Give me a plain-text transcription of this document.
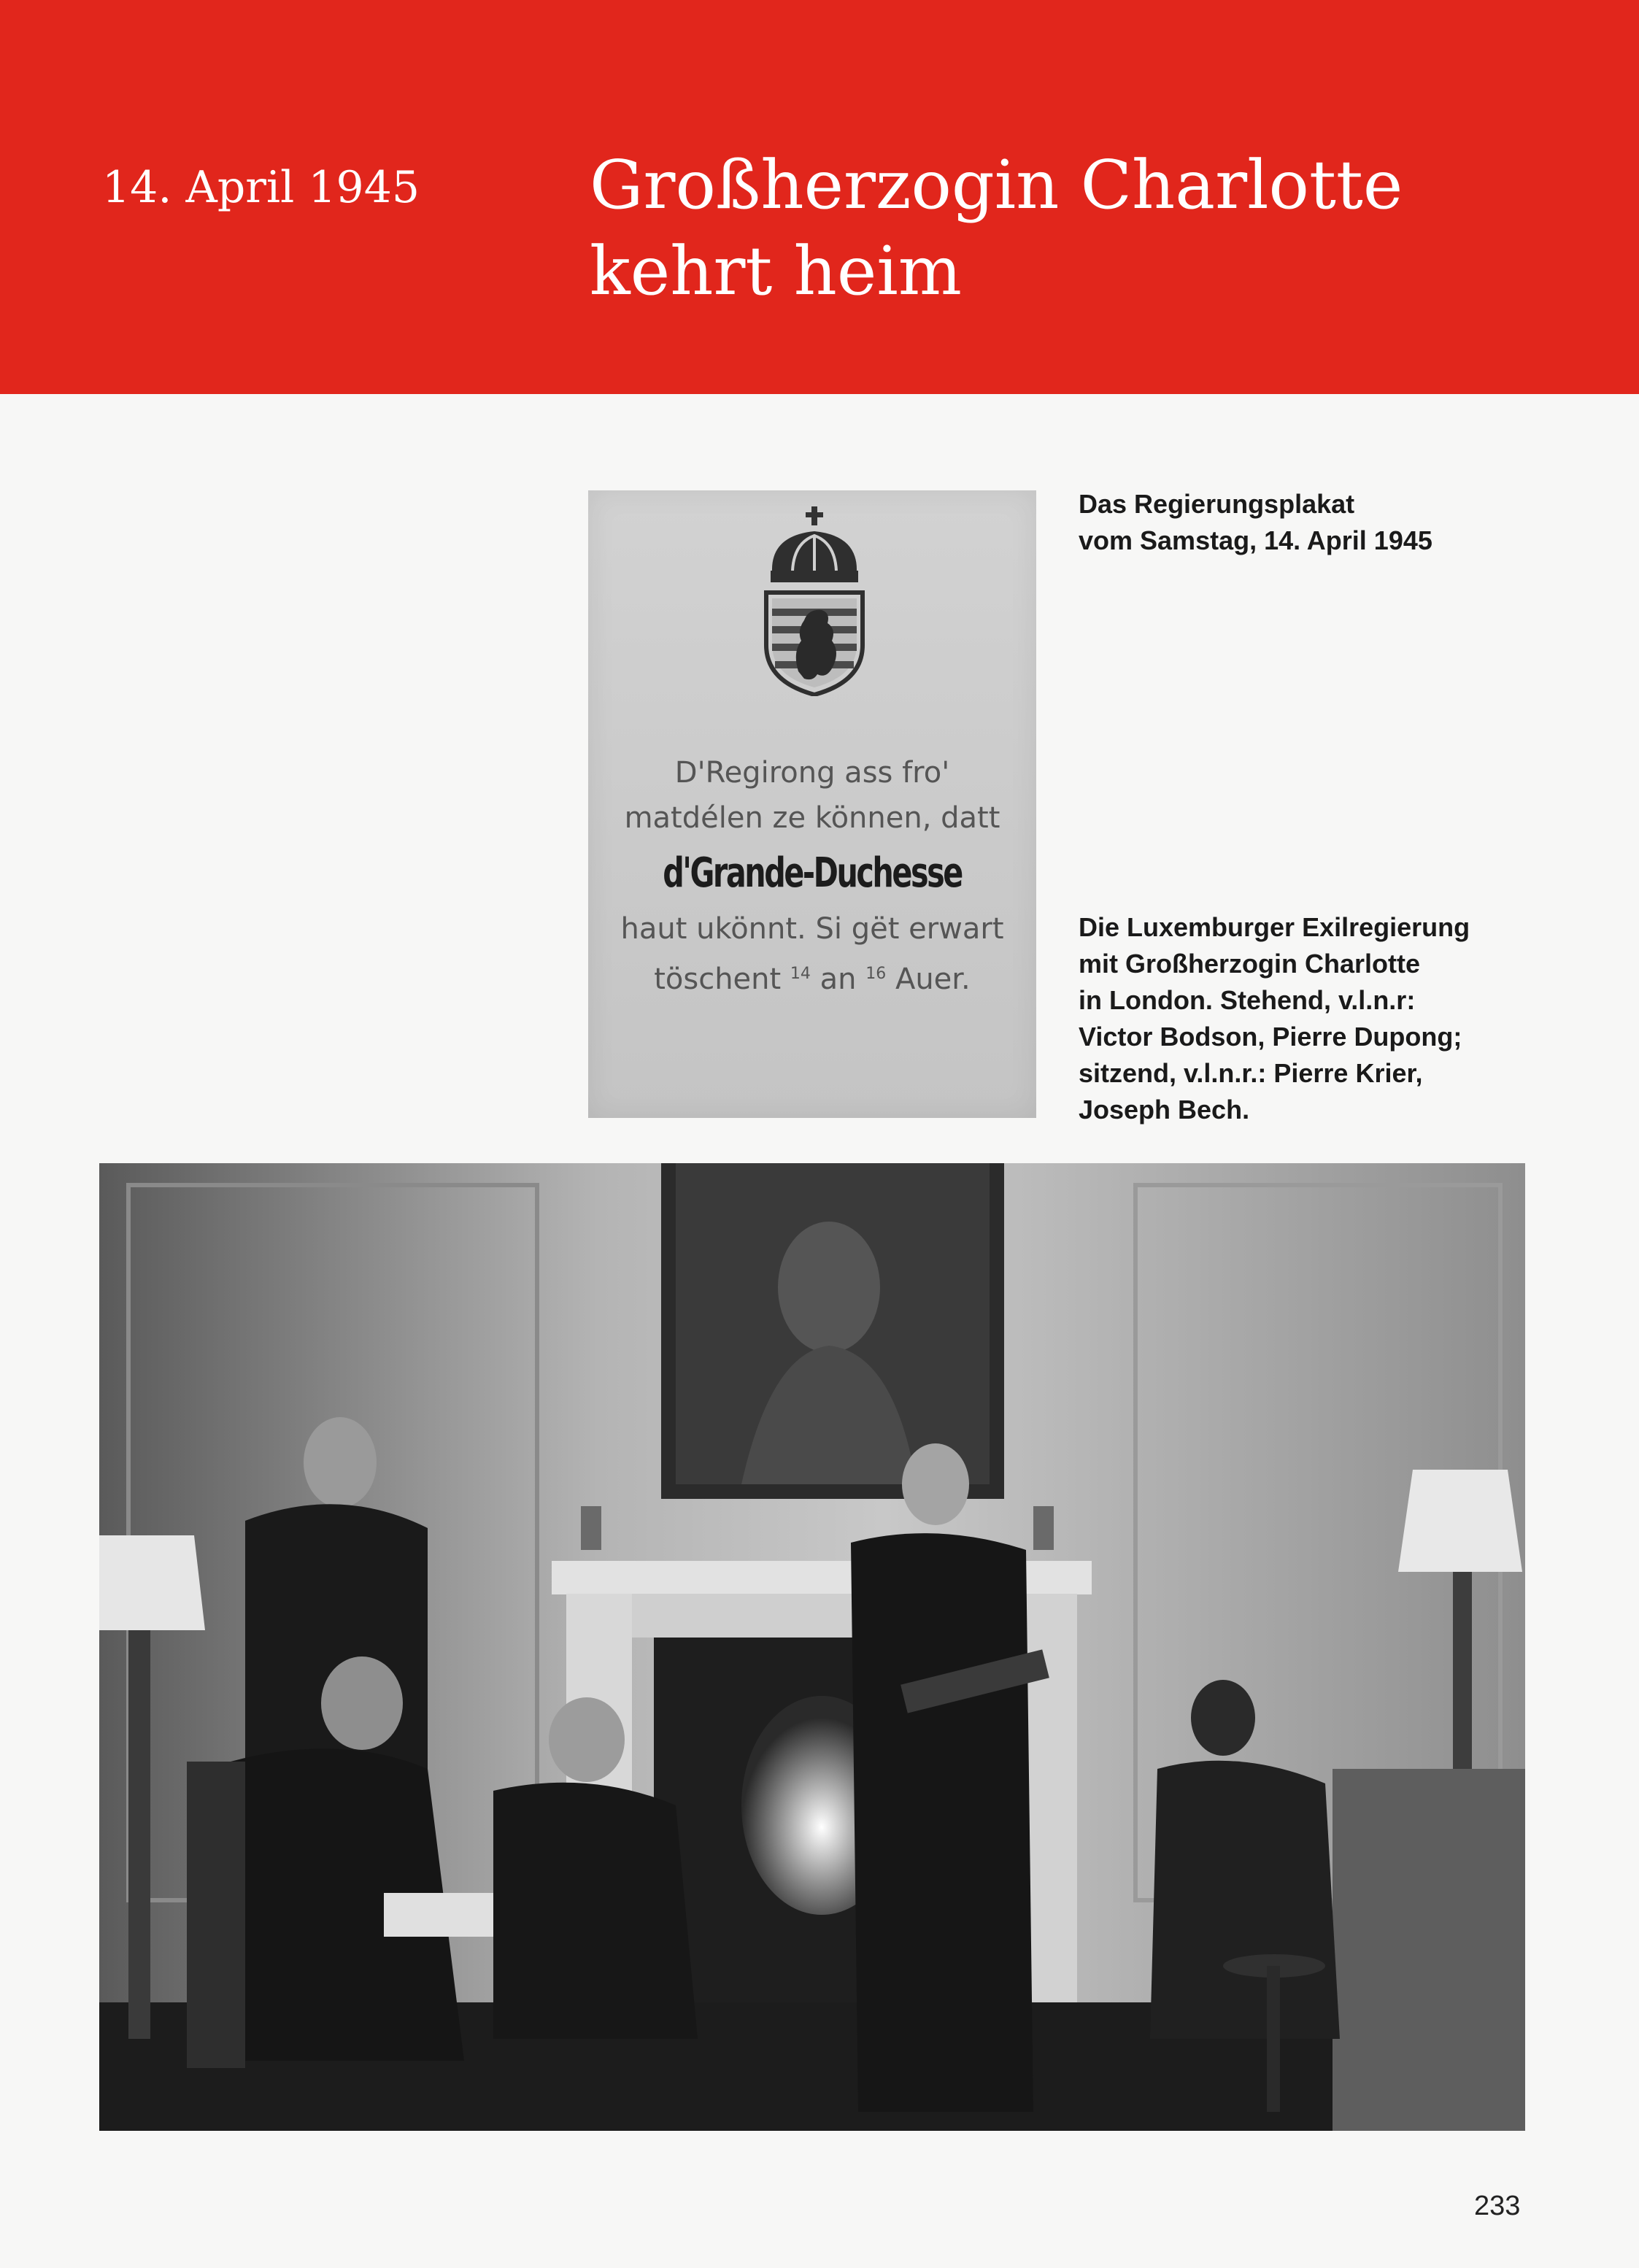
14. April 1945	Großherzogin Charlotte
kehrt heim
D'Regirong ass fro'
matdélen ze können, datt
d'Grande-Duchesse
haut ukönnt. Si gët erwart
töschent $^{14}$ an $^{16}$ Auer.
Das Regierungsplakat
vom Samstag, 14. April 1945
Die Luxemburger Exilregierung
mit Großherzogin Charlotte
in London. Stehend, v.l.n.r:
Victor Bodson, Pierre Dupong;
sitzend, v.l.n.r.: Pierre Krier,
Joseph Bech.
233
